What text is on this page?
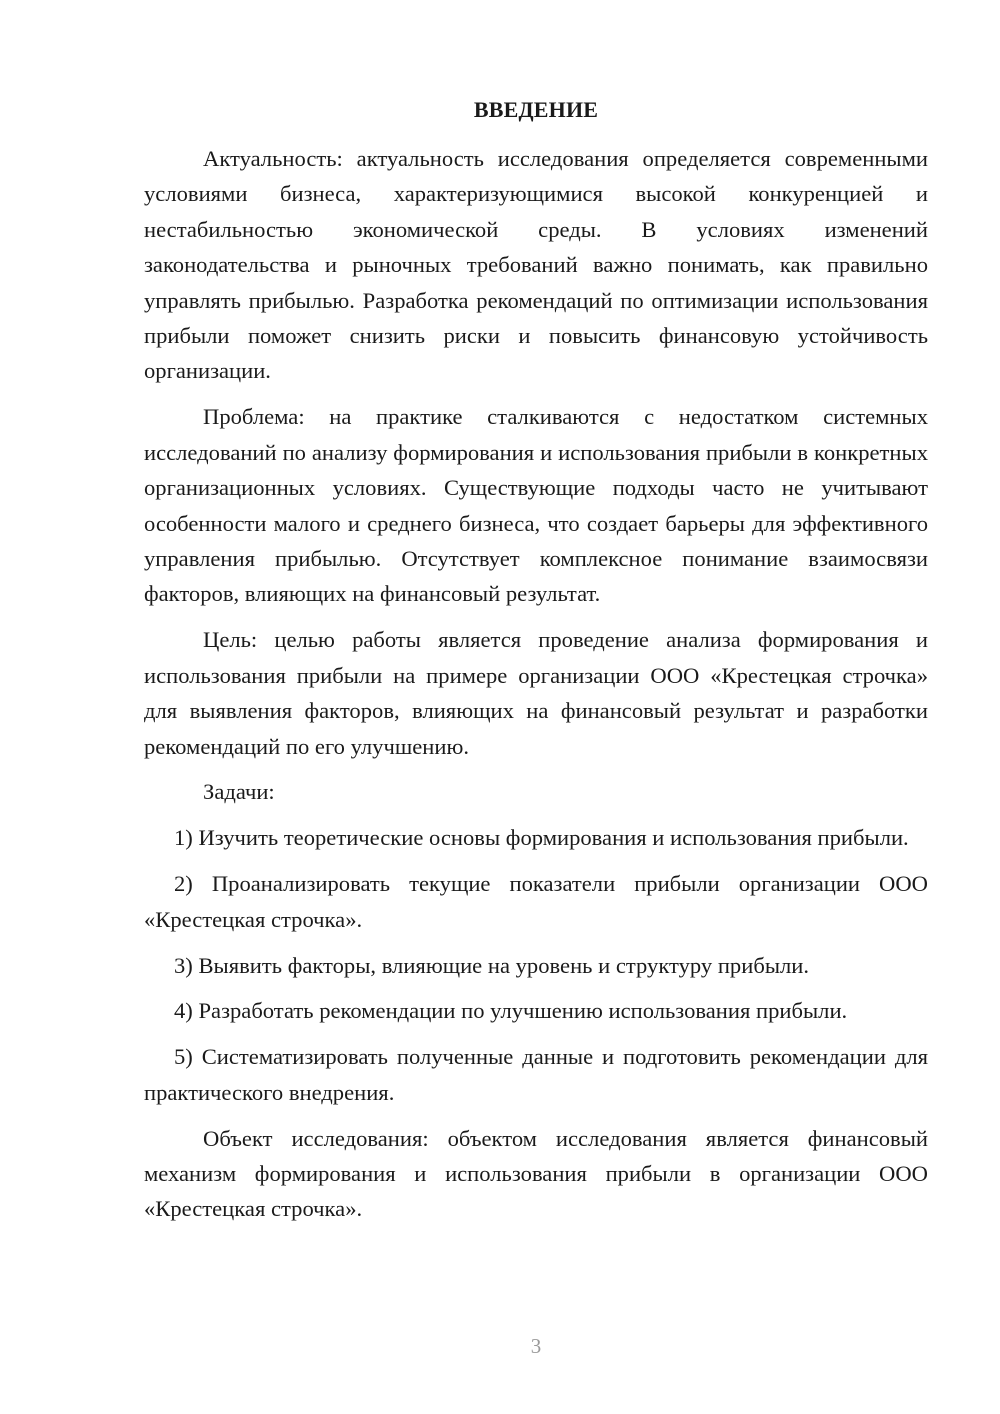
ВВЕДЕНИЕ

Актуальность: актуальность исследования определяется современными условиями бизнеса, характеризующимися высокой конкуренцией и нестабильностью экономической среды. В условиях изменений законодательства и рыночных требований важно понимать, как правильно управлять прибылью. Разработка рекомендаций по оптимизации использования прибыли поможет снизить риски и повысить финансовую устойчивость организации.

Проблема: на практике сталкиваются с недостатком системных исследований по анализу формирования и использования прибыли в конкретных организационных условиях. Существующие подходы часто не учитывают особенности малого и среднего бизнеса, что создает барьеры для эффективного управления прибылью. Отсутствует комплексное понимание взаимосвязи факторов, влияющих на финансовый результат.

Цель: целью работы является проведение анализа формирования и использования прибыли на примере организации ООО «Крестецкая строчка» для выявления факторов, влияющих на финансовый результат и разработки рекомендаций по его улучшению.

Задачи:

1) Изучить теоретические основы формирования и использования прибыли.

2) Проанализировать текущие показатели прибыли организации ООО «Крестецкая строчка».

3) Выявить факторы, влияющие на уровень и структуру прибыли.

4) Разработать рекомендации по улучшению использования прибыли.

5) Систематизировать полученные данные и подготовить рекомендации для практического внедрения.

Объект исследования: объектом исследования является финансовый механизм формирования и использования прибыли в организации ООО «Крестецкая строчка».

3
